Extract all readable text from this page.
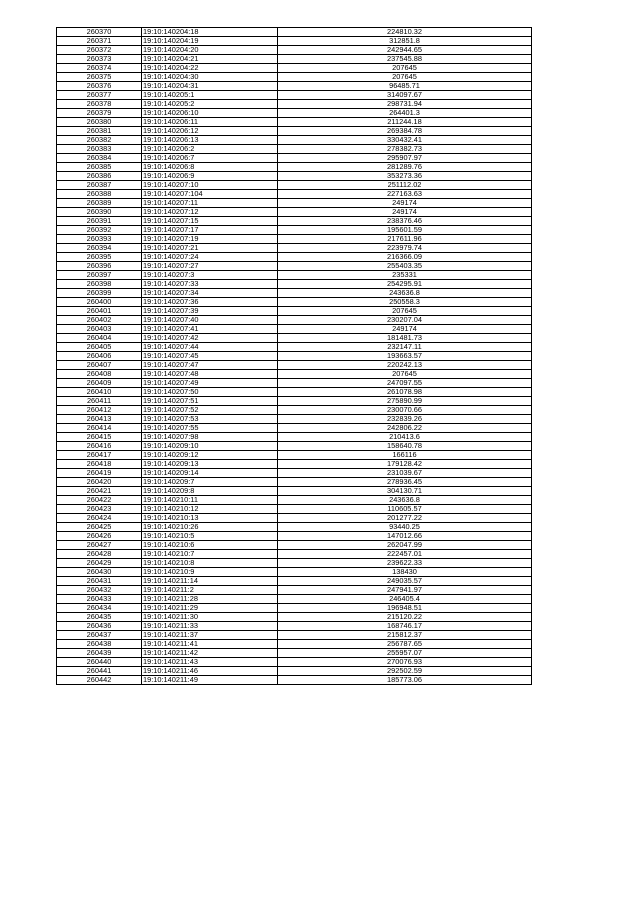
260370	19:10:140204:18	224810.32
260371	19:10:140204:19	312851.8
260372	19:10:140204:20	242944.65
260373	19:10:140204:21	237545.88
260374	19:10:140204:22	207645
260375	19:10:140204:30	207645
260376	19:10:140204:31	96485.71
260377	19:10:140205:1	314097.67
260378	19:10:140205:2	298731.94
260379	19:10:140206:10	264401.3
260380	19:10:140206:11	211244.18
260381	19:10:140206:12	269384.78
260382	19:10:140206:13	330432.41
260383	19:10:140206:2	278382.73
260384	19:10:140206:7	295907.97
260385	19:10:140206:8	281289.76
260386	19:10:140206:9	353273.36
260387	19:10:140207:10	251112.02
260388	19:10:140207:104	227163.63
260389	19:10:140207:11	249174
260390	19:10:140207:12	249174
260391	19:10:140207:15	238376.46
260392	19:10:140207:17	195601.59
260393	19:10:140207:19	217611.96
260394	19:10:140207:21	223979.74
260395	19:10:140207:24	216366.09
260396	19:10:140207:27	255403.35
260397	19:10:140207:3	235331
260398	19:10:140207:33	254295.91
260399	19:10:140207:34	243636.8
260400	19:10:140207:36	250558.3
260401	19:10:140207:39	207645
260402	19:10:140207:40	230207.04
260403	19:10:140207:41	249174
260404	19:10:140207:42	181481.73
260405	19:10:140207:44	232147.11
260406	19:10:140207:45	193663.57
260407	19:10:140207:47	220242.13
260408	19:10:140207:48	207645
260409	19:10:140207:49	247097.55
260410	19:10:140207:50	261078.98
260411	19:10:140207:51	275890.99
260412	19:10:140207:52	230070.66
260413	19:10:140207:53	232839.26
260414	19:10:140207:55	242806.22
260415	19:10:140207:98	210413.6
260416	19:10:140209:10	158640.78
260417	19:10:140209:12	166116
260418	19:10:140209:13	179128.42
260419	19:10:140209:14	231039.67
260420	19:10:140209:7	278936.45
260421	19:10:140209:8	304130.71
260422	19:10:140210:11	243636.8
260423	19:10:140210:12	110605.57
260424	19:10:140210:13	201277.22
260425	19:10:140210:26	93440.25
260426	19:10:140210:5	147012.66
260427	19:10:140210:6	262047.99
260428	19:10:140210:7	222457.01
260429	19:10:140210:8	239622.33
260430	19:10:140210:9	138430
260431	19:10:140211:14	249035.57
260432	19:10:140211:2	247941.97
260433	19:10:140211:28	246405.4
260434	19:10:140211:29	196948.51
260435	19:10:140211:30	215120.22
260436	19:10:140211:33	168746.17
260437	19:10:140211:37	215812.37
260438	19:10:140211:41	256787.65
260439	19:10:140211:42	255957.07
260440	19:10:140211:43	270076.93
260441	19:10:140211:46	292502.59
260442	19:10:140211:49	185773.06
